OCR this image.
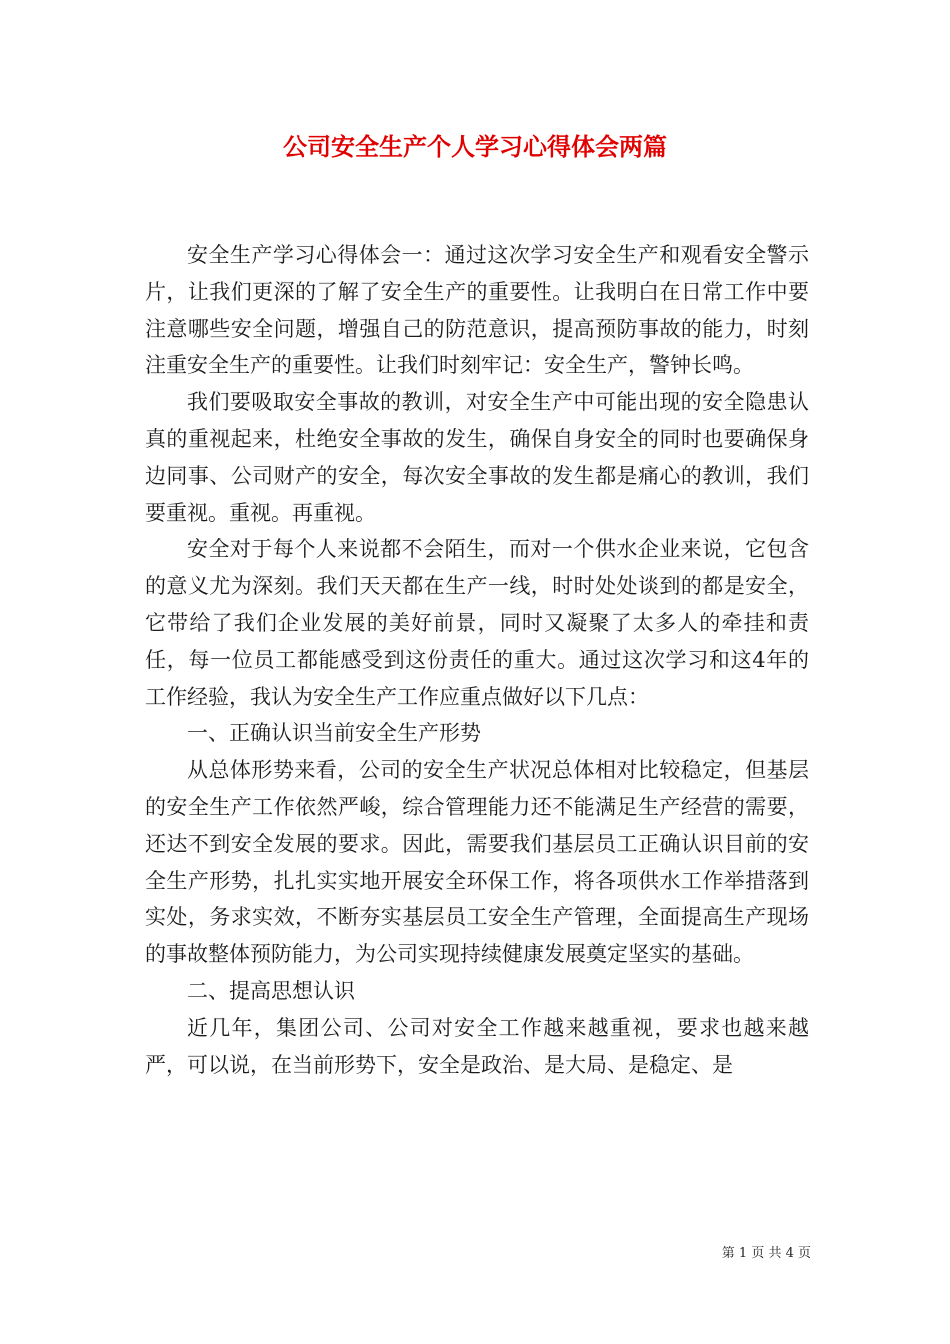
公司安全生产个人学习心得体会两篇

安全生产学习心得体会一：通过这次学习安全生产和观看安全警示片，让我们更深的了解了安全生产的重要性。让我明白在日常工作中要注意哪些安全问题，增强自己的防范意识，提高预防事故的能力，时刻注重安全生产的重要性。让我们时刻牢记：安全生产，警钟长鸣。

我们要吸取安全事故的教训，对安全生产中可能出现的安全隐患认真的重视起来，杜绝安全事故的发生，确保自身安全的同时也要确保身边同事、公司财产的安全，每次安全事故的发生都是痛心的教训，我们要重视。重视。再重视。

安全对于每个人来说都不会陌生，而对一个供水企业来说，它包含的意义尤为深刻。我们天天都在生产一线，时时处处谈到的都是安全，它带给了我们企业发展的美好前景，同时又凝聚了太多人的牵挂和责任，每一位员工都能感受到这份责任的重大。通过这次学习和这4年的工作经验，我认为安全生产工作应重点做好以下几点：

一、正确认识当前安全生产形势

从总体形势来看，公司的安全生产状况总体相对比较稳定，但基层的安全生产工作依然严峻，综合管理能力还不能满足生产经营的需要，还达不到安全发展的要求。因此，需要我们基层员工正确认识目前的安全生产形势，扎扎实实地开展安全环保工作，将各项供水工作举措落到实处，务求实效，不断夯实基层员工安全生产管理，全面提高生产现场的事故整体预防能力，为公司实现持续健康发展奠定坚实的基础。

二、提高思想认识

近几年，集团公司、公司对安全工作越来越重视，要求也越来越严，可以说，在当前形势下，安全是政治、是大局、是稳定、是

第 1 页 共 4 页
